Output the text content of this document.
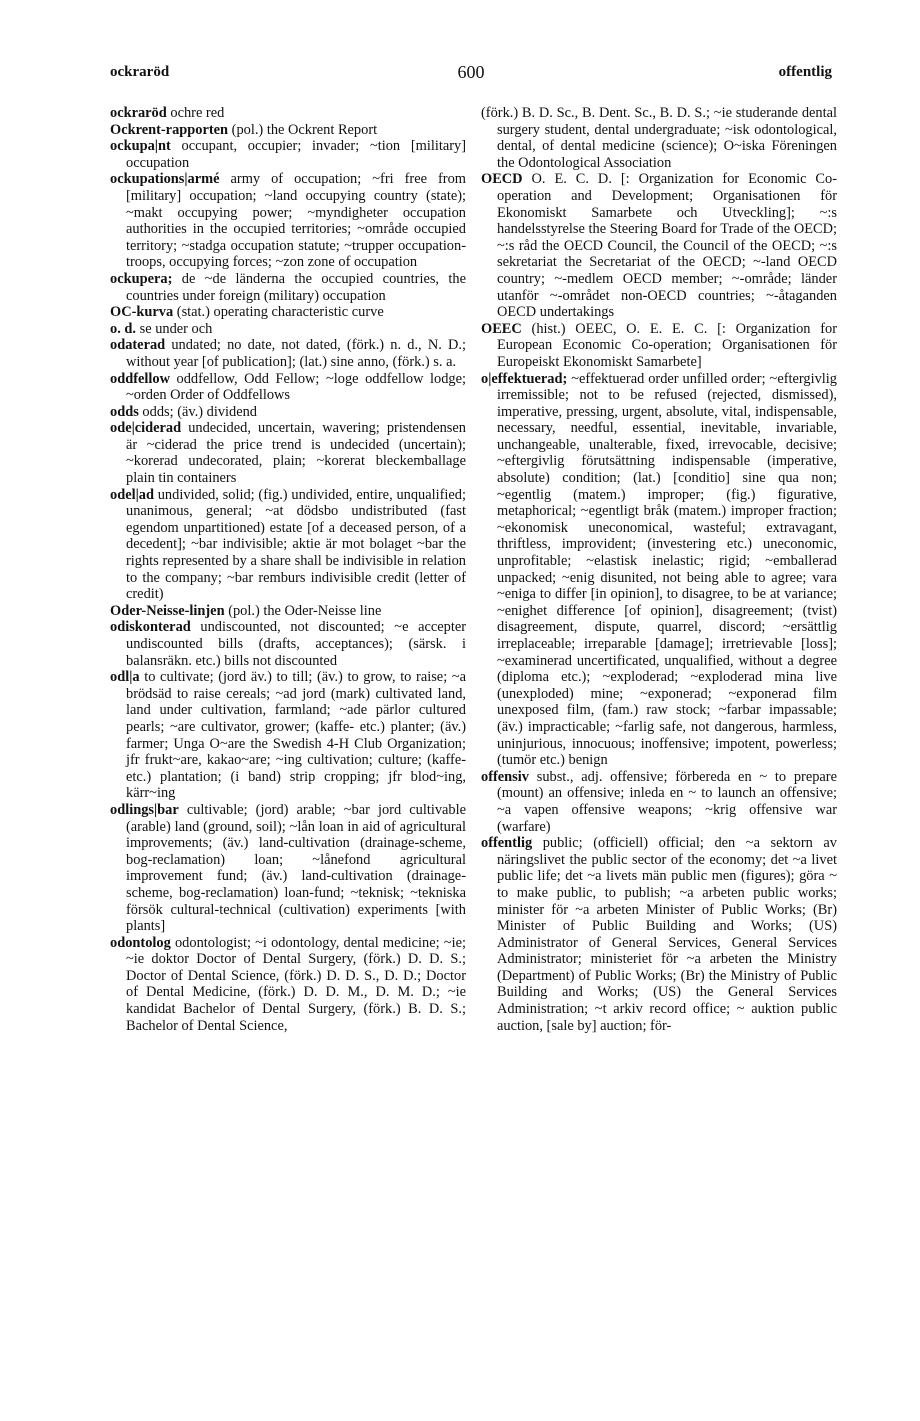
ockraröd	600	offentlig

ockraröd ochre red

Ockrent-rapporten (pol.) the Ockrent Report

ockupa|nt occupant, occupier; invader; ~tion [military] occupation

ockupations|armé army of occupation; ~fri free from [military] occupation; ~land occupying country (state); ~makt occupying power; ~myndigheter occupation authorities in the occupied territories; ~område occupied territory; ~stadga occupation statute; ~trupper occupation-troops, occupying forces; ~zon zone of occupation

ockupera; de ~de länderna the occupied countries, the countries under foreign (military) occupation

OC-kurva (stat.) operating characteristic curve

o. d. se under och

odaterad undated; no date, not dated, (förk.) n. d., N. D.; without year [of publication]; (lat.) sine anno, (förk.) s. a.

oddfellow oddfellow, Odd Fellow; ~loge oddfellow lodge; ~orden Order of Oddfellows

odds odds; (äv.) dividend

ode|ciderad undecided, uncertain, wavering; pristendensen är ~ciderad the price trend is undecided (uncertain); ~korerad undecorated, plain; ~korerat bleckemballage plain tin containers

odel|ad undivided, solid; (fig.) undivided, entire, unqualified; unanimous, general; ~at dödsbo undistributed (fast egendom unpartitioned) estate [of a deceased person, of a decedent]; ~bar indivisible; aktie är mot bolaget ~bar the rights represented by a share shall be indivisible in relation to the company; ~bar remburs indivisible credit (letter of credit)

Oder-Neisse-linjen (pol.) the Oder-Neisse line

odiskonterad undiscounted, not discounted; ~e accepter undiscounted bills (drafts, acceptances); (särsk. i balansräkn. etc.) bills not discounted

odl|a to cultivate; (jord äv.) to till; (äv.) to grow, to raise; ~a brödsäd to raise cereals; ~ad jord (mark) cultivated land, land under cultivation, farmland; ~ade pärlor cultured pearls; ~are cultivator, grower; (kaffe- etc.) planter; (äv.) farmer; Unga O~are the Swedish 4-H Club Organization; jfr frukt~are, kakao~are; ~ing cultivation; culture; (kaffe- etc.) plantation; (i band) strip cropping; jfr blod~ing, kärr~ing

odlings|bar cultivable; (jord) arable; ~bar jord cultivable (arable) land (ground, soil); ~lån loan in aid of agricultural improvements; (äv.) land-cultivation (drainage-scheme, bog-reclamation) loan; ~lånefond agricultural improvement fund; (äv.) land-cultivation (drainage-scheme, bog-reclamation) loan-fund; ~teknisk; ~tekniska försök cultural-technical (cultivation) experiments [with plants]

odontolog odontologist; ~i odontology, dental medicine; ~ie; ~ie doktor Doctor of Dental Surgery, (förk.) D. D. S.; Doctor of Dental Science, (förk.) D. D. S., D. D.; Doctor of Dental Medicine, (förk.) D. D. M., D. M. D.; ~ie kandidat Bachelor of Dental Surgery, (förk.) B. D. S.; Bachelor of Dental Science,

(förk.) B. D. Sc., B. Dent. Sc., B. D. S.; ~ie studerande dental surgery student, dental undergraduate; ~isk odontological, dental, of dental medicine (science); O~iska Föreningen the Odontological Association

OECD O. E. C. D. [: Organization for Economic Co-operation and Development; Organisationen för Ekonomiskt Samarbete och Utveckling]; ~:s handelsstyrelse the Steering Board for Trade of the OECD; ~:s råd the OECD Council, the Council of the OECD; ~:s sekretariat the Secretariat of the OECD; ~-land OECD country; ~-medlem OECD member; ~-område; länder utanför ~-området non-OECD countries; ~-åtaganden OECD undertakings

OEEC (hist.) OEEC, O. E. E. C. [: Organization for European Economic Co-operation; Organisationen för Europeiskt Ekonomiskt Samarbete]

o|effektuerad; ~effektuerad order unfilled order; ~eftergivlig irremissible; not to be refused (rejected, dismissed), imperative, pressing, urgent, absolute, vital, indispensable, necessary, needful, essential, inevitable, invariable, unchangeable, unalterable, fixed, irrevocable, decisive; ~eftergivlig förutsättning indispensable (imperative, absolute) condition; (lat.) [conditio] sine qua non; ~egentlig (matem.) improper; (fig.) figurative, metaphorical; ~egentligt bråk (matem.) improper fraction; ~ekonomisk uneconomical, wasteful; extravagant, thriftless, improvident; (investering etc.) uneconomic, unprofitable; ~elastisk inelastic; rigid; ~emballerad unpacked; ~enig disunited, not being able to agree; vara ~eniga to differ [in opinion], to disagree, to be at variance; ~enighet difference [of opinion], disagreement; (tvist) disagreement, dispute, quarrel, discord; ~ersättlig irreplaceable; irreparable [damage]; irretrievable [loss]; ~examinerad uncertificated, unqualified, without a degree (diploma etc.); ~exploderad; ~exploderad mina live (unexploded) mine; ~exponerad; ~exponerad film unexposed film, (fam.) raw stock; ~farbar impassable; (äv.) impracticable; ~farlig safe, not dangerous, harmless, uninjurious, innocuous; inoffensive; impotent, powerless; (tumör etc.) benign

offensiv subst., adj. offensive; förbereda en ~ to prepare (mount) an offensive; inleda en ~ to launch an offensive; ~a vapen offensive weapons; ~krig offensive war (warfare)

offentlig public; (officiell) official; den ~a sektorn av näringslivet the public sector of the economy; det ~a livet public life; det ~a livets män public men (figures); göra ~ to make public, to publish; ~a arbeten public works; minister för ~a arbeten Minister of Public Works; (Br) Minister of Public Building and Works; (US) Administrator of General Services, General Services Administrator; ministeriet för ~a arbeten the Ministry (Department) of Public Works; (Br) the Ministry of Public Building and Works; (US) the General Services Administration; ~t arkiv record office; ~ auktion public auction, [sale by] auction; för-
